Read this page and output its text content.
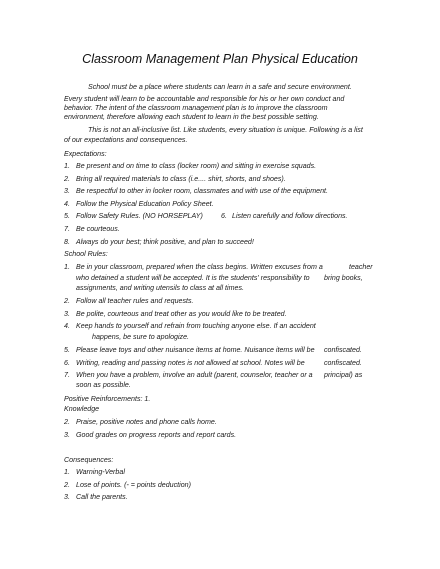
Classroom Management Plan Physical Education
School must be a place where students can learn in a safe and secure environment.
Every student will learn to be accountable and responsible for his or her own conduct and
behavior. The intent of the classroom management plan is to improve the classroom
environment, therefore allowing each student to learn in the best possible setting.
This is not an all-inclusive list. Like students, every situation is unique. Following is a list
of our expectations and consequences.
Expectations:
1. Be present and on time to class (locker room) and sitting in exercise squads.
2. Bring all required materials to class (i.e.... shirt, shorts, and shoes).
3. Be respectful to other in locker room, classmates and with use of the equipment.
4. Follow the Physical Education Policy Sheet.
5. Follow Safety Rules. (NO HORSEPLAY)	6. Listen carefully and follow directions.
7. Be courteous.
8. Always do your best; think positive, and plan to succeed!
School Rules:
1. Be in your classroom, prepared when the class begins. Written excuses from a	teacher
who detained a student will be accepted. It is the students' responsibility to bring books,
assignments, and writing utensils to class at all times.
2. Follow all teacher rules and requests.
3. Be polite, courteous and treat other as you would like to be treated.
4. Keep hands to yourself and refrain from touching anyone else. If an accident
happens, be sure to apologize.
5. Please leave toys and other nuisance items at home. Nuisance items will be confiscated.
6. Writing, reading and passing notes is not allowed at school. Notes will be	confiscated.
7. When you have a problem, involve an adult (parent, counselor, teacher or a principal) as
soon as possible.
Positive Reinforcements: 1.
Knowledge
2. Praise, positive notes and phone calls home.
3. Good grades on progress reports and report cards.
Consequences:
1. Warning-Verbal
2. Lose of points. (- = points deduction)
3. Call the parents.
